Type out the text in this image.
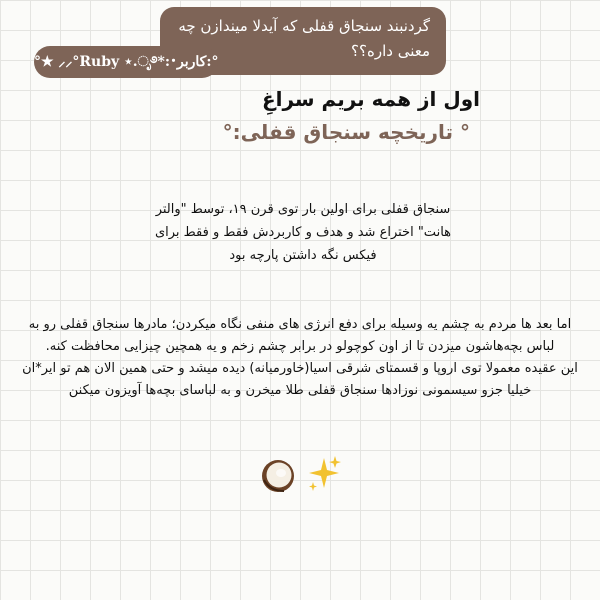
گردنبند سنجاق قفلی که آیدلا میندازن چه معنی داره؟؟
°★ ⸝⸝°Ruby ⋆.ೃ࿔*:･کاربر:°
اول از همه بریم سراغِ
° تاریخچه سنجاق قفلی:°
سنجاق قفلی برای اولین بار توی قرن ۱۹، توسط "والتر هانت" اختراع شد و هدف و کاربردش فقط و فقط برای فیکس نگه داشتن پارچه بود

اما بعد ها مردم به چشم یه وسیله برای دفع انرژی های منفی نگاه میکردن؛ مادرها سنجاق قفلی رو به لباس بچه‌هاشون میزدن تا از اون کوچولو در برابر چشم زخم و یه همچین چیزایی محافظت کنه.

این عقیده معمولا توی اروپا و قسمتای شرقی اسیا(خاورمیانه) دیده میشد و حتی همین الان هم تو ایر*ان خیلیا جزو سیسمونی نوزادها سنجاق قفلی طلا میخرن و به لباسای بچه‌ها آویزون میکنن
